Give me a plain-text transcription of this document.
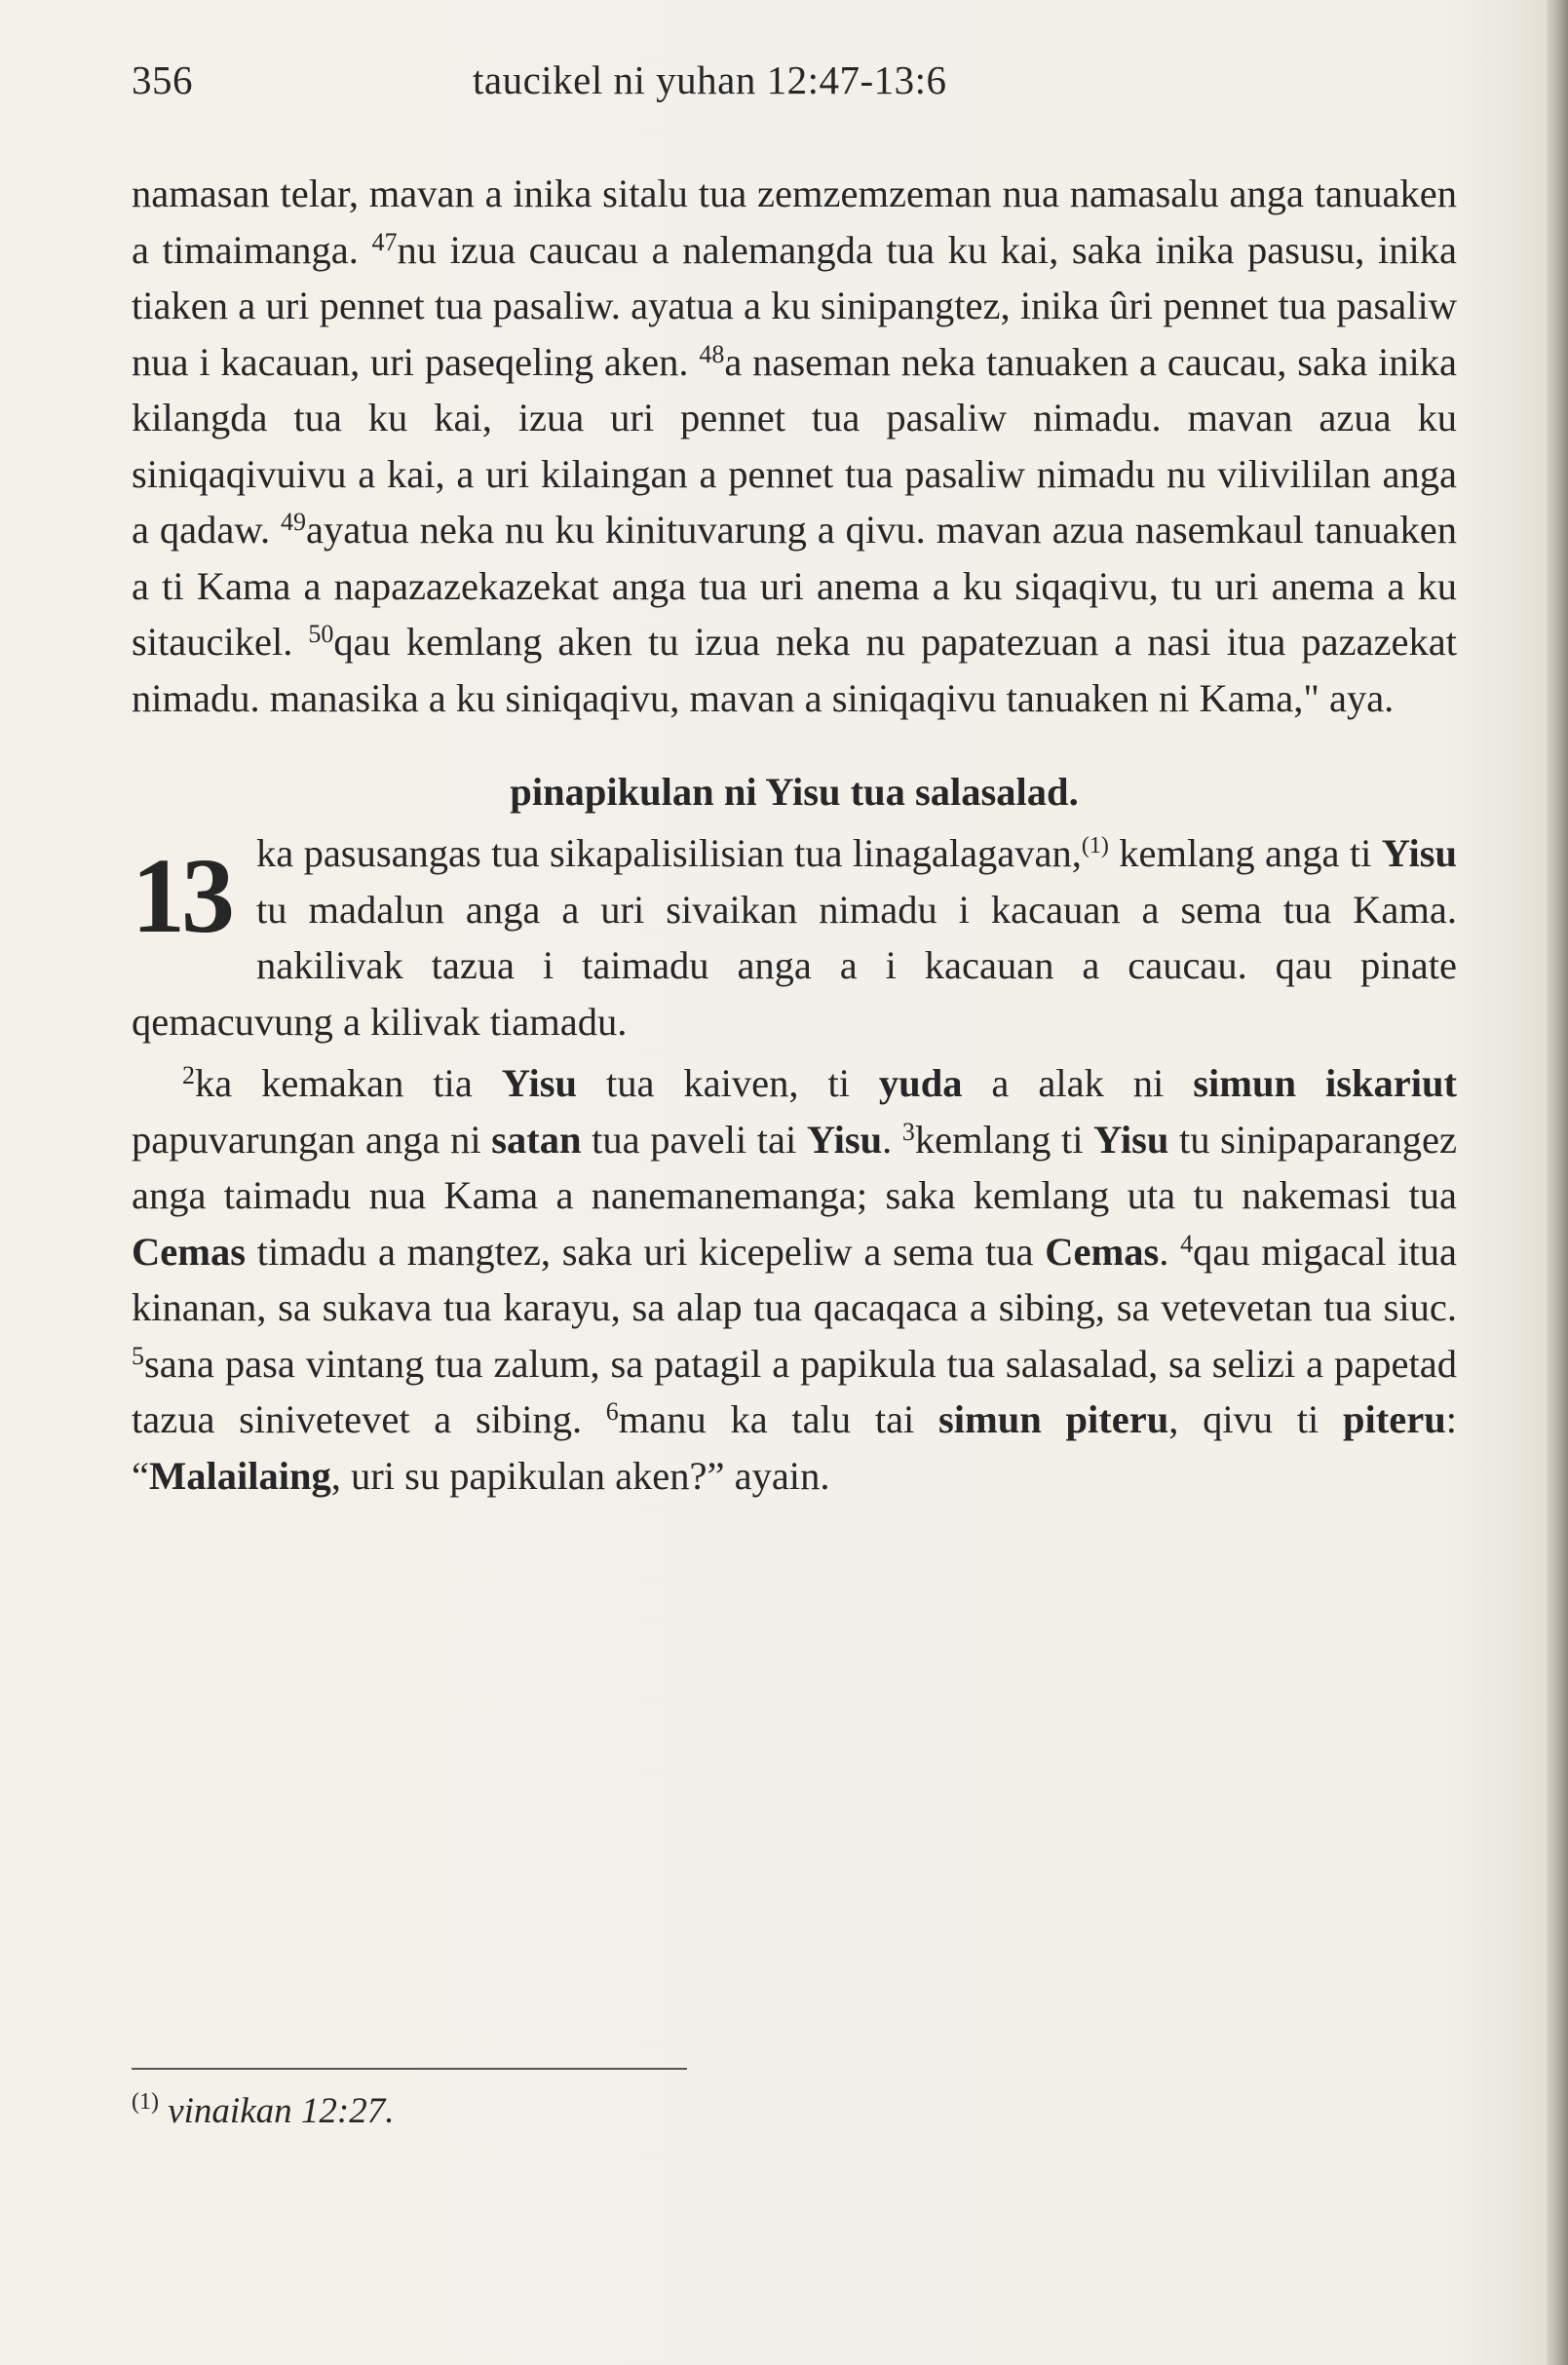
356	taucikel ni yuhan 12:47-13:6

namasan telar, mavan a inika sitalu tua zemzemzeman nua namasalu anga tanuaken a timaimanga. $^{47}$nu izua caucau a nalemangda tua ku kai, saka inika pasusu, inika tiaken a uri pennet tua pasaliw. ayatua a ku sinipangtez, inika ûri pennet tua pasaliw nua i kacauan, uri paseqeling aken. $^{48}$a naseman neka tanuaken a caucau, saka inika kilangda tua ku kai, izua uri pennet tua pasaliw nimadu. mavan azua ku siniqaqivuivu a kai, a uri kilaingan a pennet tua pasaliw nimadu nu vilivililan anga a qadaw. $^{49}$ayatua neka nu ku kinituvarung a qivu. mavan azua nasemkaul tanuaken a ti Kama a napazazekazekat anga tua uri anema a ku siqaqivu, tu uri anema a ku sitaucikel. $^{50}$qau kemlang aken tu izua neka nu papatezuan a nasi itua pazazekat nimadu. manasika a ku siniqaqivu, mavan a siniqaqivu tanuaken ni Kama," aya.

pinapikulan ni Yisu tua salasalad.

13 ka pasusangas tua sikapalisilisian tua linagalagavan,$^{(1)}$ kemlang anga ti Yisu tu madalun anga a uri sivaikan nimadu i kacauan a sema tua Kama. nakilivak tazua i taimadu anga a i kacauan a caucau. qau pinate qemacuvung a kilivak tiamadu.

$^2$ka kemakan tia Yisu tua kaiven, ti yuda a alak ni simun iskariut papuvarungan anga ni satan tua paveli tai Yisu. $^3$kemlang ti Yisu tu sinipaparangez anga taimadu nua Kama a nanemanemanga; saka kemlang uta tu nakemasi tua Cemas timadu a mangtez, saka uri kicepeliw a sema tua Cemas. $^4$qau migacal itua kinanan, sa sukava tua karayu, sa alap tua qacaqaca a sibing, sa vetevetan tua siuc. $^5$sana pasa vintang tua zalum, sa patagil a papikula tua salasalad, sa selizi a papetad tazua sinivetevet a sibing. $^6$manu ka talu tai simun piteru, qivu ti piteru: “Malailaing, uri su papikulan aken?” ayain.

$^{(1)}$ vinaikan 12:27.
